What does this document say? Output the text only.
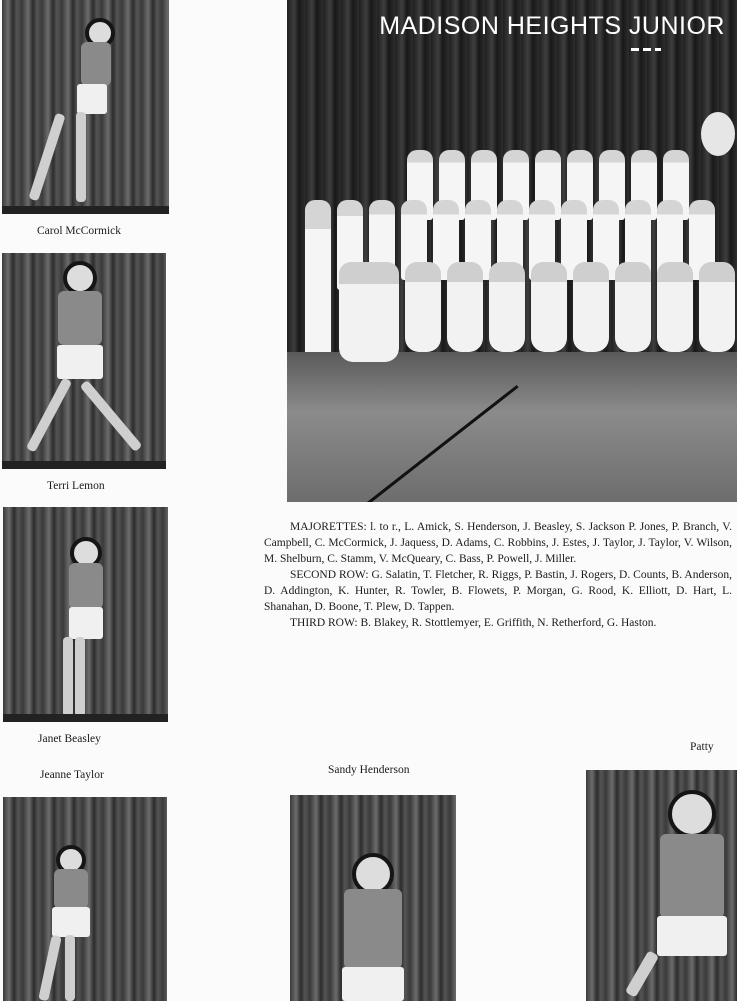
Carol McCormick
Terri Lemon
Janet Beasley
Jeanne Taylor
MADISON HEIGHTS JUNIOR

MAJORETTES: l. to r., L. Amick, S. Henderson, J. Beasley, S. Jackson P. Jones, P. Branch, V. Campbell, C. McCormick, J. Jaquess, D. Adams, C. Robbins, J. Estes, J. Taylor, J. Taylor, V. Wilson, M. Shelburn, C. Stamm, V. McQueary, C. Bass, P. Powell, J. Miller.

SECOND ROW: G. Salatin, T. Fletcher, R. Riggs, P. Bastin, J. Rogers, D. Counts, B. Anderson, D. Addington, K. Hunter, R. Towler, B. Flowets, P. Morgan, G. Rood, K. Elliott, D. Hart, L. Shanahan, D. Boone, T. Plew, D. Tappen.

THIRD ROW: B. Blakey, R. Stottlemyer, E. Griffith, N. Retherford, G. Haston.

Sandy Henderson
Patty
